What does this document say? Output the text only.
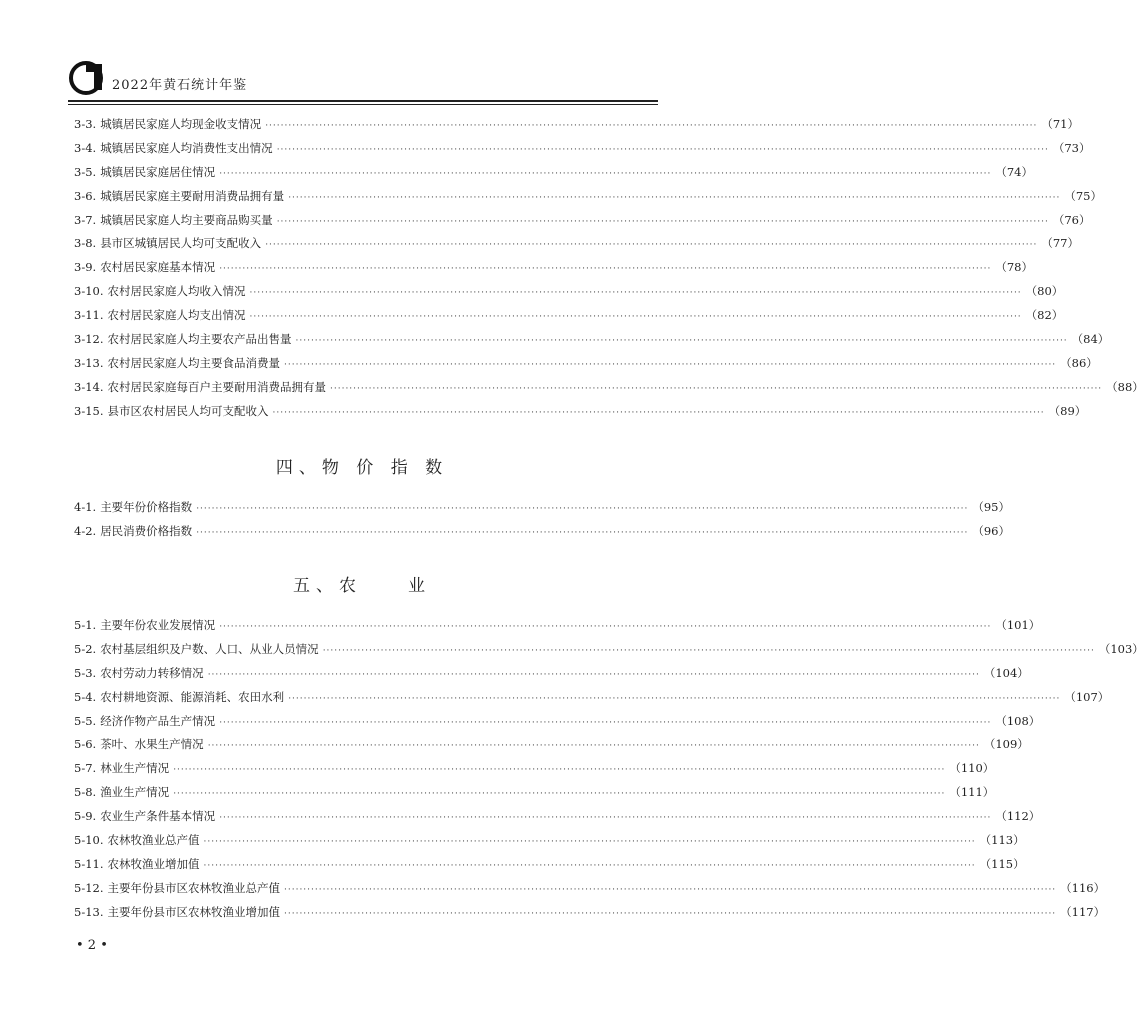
2022年黄石统计年鉴
3-3. 城镇居民家庭人均现金收支情况 ········································································································································································································ （71）
3-4. 城镇居民家庭人均消费性支出情况 ········································································································································································································ （73）
3-5. 城镇居民家庭居住情况 ········································································································································································································ （74）
3-6. 城镇居民家庭主要耐用消费品拥有量 ········································································································································································································ （75）
3-7. 城镇居民家庭人均主要商品购买量 ········································································································································································································ （76）
3-8. 县市区城镇居民人均可支配收入 ········································································································································································································ （77）
3-9. 农村居民家庭基本情况 ········································································································································································································ （78）
3-10. 农村居民家庭人均收入情况 ········································································································································································································ （80）
3-11. 农村居民家庭人均支出情况 ········································································································································································································ （82）
3-12. 农村居民家庭人均主要农产品出售量 ········································································································································································································ （84）
3-13. 农村居民家庭人均主要食品消费量 ········································································································································································································ （86）
3-14. 农村居民家庭每百户主要耐用消费品拥有量 ········································································································································································································ （88）
3-15. 县市区农村居民人均可支配收入 ········································································································································································································ （89）
四、物 价 指 数
4-1. 主要年份价格指数 ········································································································································································································ （95）
4-2. 居民消费价格指数 ········································································································································································································ （96）
五、农　　业
5-1. 主要年份农业发展情况 ········································································································································································································ （101）
5-2. 农村基层组织及户数、人口、从业人员情况 ········································································································································································································ （103）
5-3. 农村劳动力转移情况 ········································································································································································································ （104）
5-4. 农村耕地资源、能源消耗、农田水利 ········································································································································································································ （107）
5-5. 经济作物产品生产情况 ········································································································································································································ （108）
5-6. 茶叶、水果生产情况 ········································································································································································································ （109）
5-7. 林业生产情况 ········································································································································································································ （110）
5-8. 渔业生产情况 ········································································································································································································ （111）
5-9. 农业生产条件基本情况 ········································································································································································································ （112）
5-10. 农林牧渔业总产值 ········································································································································································································ （113）
5-11. 农林牧渔业增加值 ········································································································································································································ （115）
5-12. 主要年份县市区农林牧渔业总产值 ········································································································································································································ （116）
5-13. 主要年份县市区农林牧渔业增加值 ········································································································································································································ （117）
• 2 •
